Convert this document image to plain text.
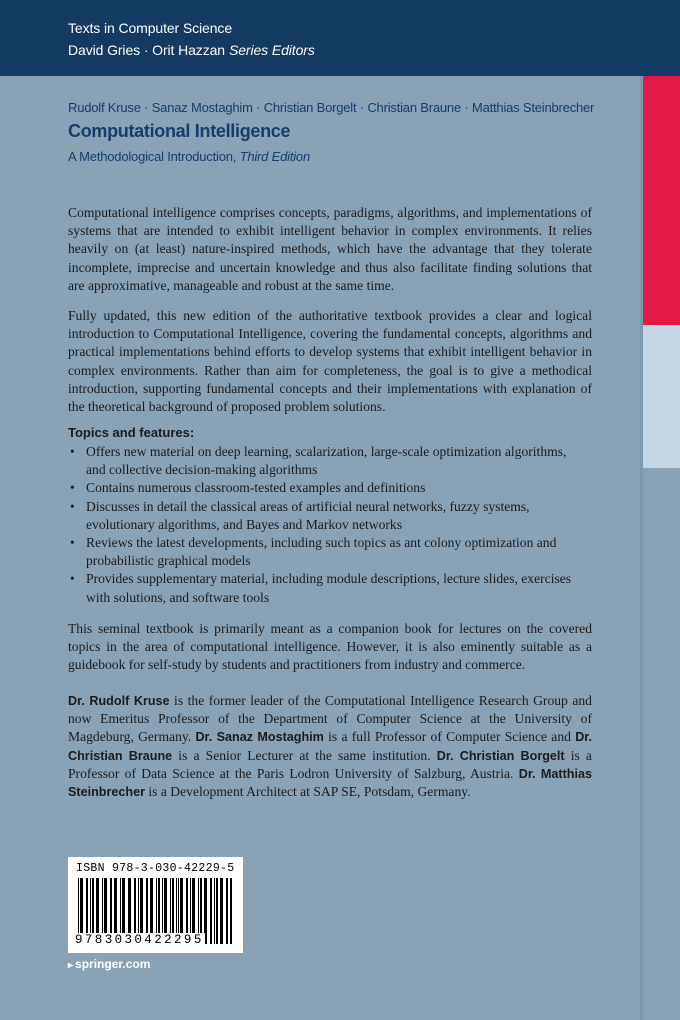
Texts in Computer Science
David Gries · Orit Hazzan Series Editors
Rudolf Kruse · Sanaz Mostaghim · Christian Borgelt · Christian Braune · Matthias Steinbrecher
Computational Intelligence
A Methodological Introduction, Third Edition

Computational intelligence comprises concepts, paradigms, algorithms, and implementations of systems that are intended to exhibit intelligent behavior in complex environments. It relies heavily on (at least) nature-inspired methods, which have the advantage that they tolerate incomplete, imprecise and uncertain knowledge and thus also facilitate finding solutions that are approximative, manageable and robust at the same time.

Fully updated, this new edition of the authoritative textbook provides a clear and logical introduction to Computational Intelligence, covering the fundamental concepts, algorithms and practical implementations behind efforts to develop systems that exhibit intelligent behavior in complex environments. Rather than aim for completeness, the goal is to give a methodical introduction, supporting fundamental concepts and their implementations with explanation of the theoretical background of proposed problem solutions.

Topics and features:
• Offers new material on deep learning, scalarization, large-scale optimization algorithms, and collective decision-making algorithms
• Contains numerous classroom-tested examples and definitions
• Discusses in detail the classical areas of artificial neural networks, fuzzy systems, evolutionary algorithms, and Bayes and Markov networks
• Reviews the latest developments, including such topics as ant colony optimization and probabilistic graphical models
• Provides supplementary material, including module descriptions, lecture slides, exercises with solutions, and software tools

This seminal textbook is primarily meant as a companion book for lectures on the covered topics in the area of computational intelligence. However, it is also eminently suitable as a guidebook for self-study by students and practitioners from industry and commerce.

Dr. Rudolf Kruse is the former leader of the Computational Intelligence Research Group and now Emeritus Professor of the Department of Computer Science at the University of Magdeburg, Germany. Dr. Sanaz Mostaghim is a full Professor of Computer Science and Dr. Christian Braune is a Senior Lecturer at the same institution. Dr. Christian Borgelt is a Professor of Data Science at the Paris Lodron University of Salzburg, Austria. Dr. Matthias Steinbrecher is a Development Architect at SAP SE, Potsdam, Germany.

ISBN 978-3-030-42229-5
9783030422295
▸ springer.com
